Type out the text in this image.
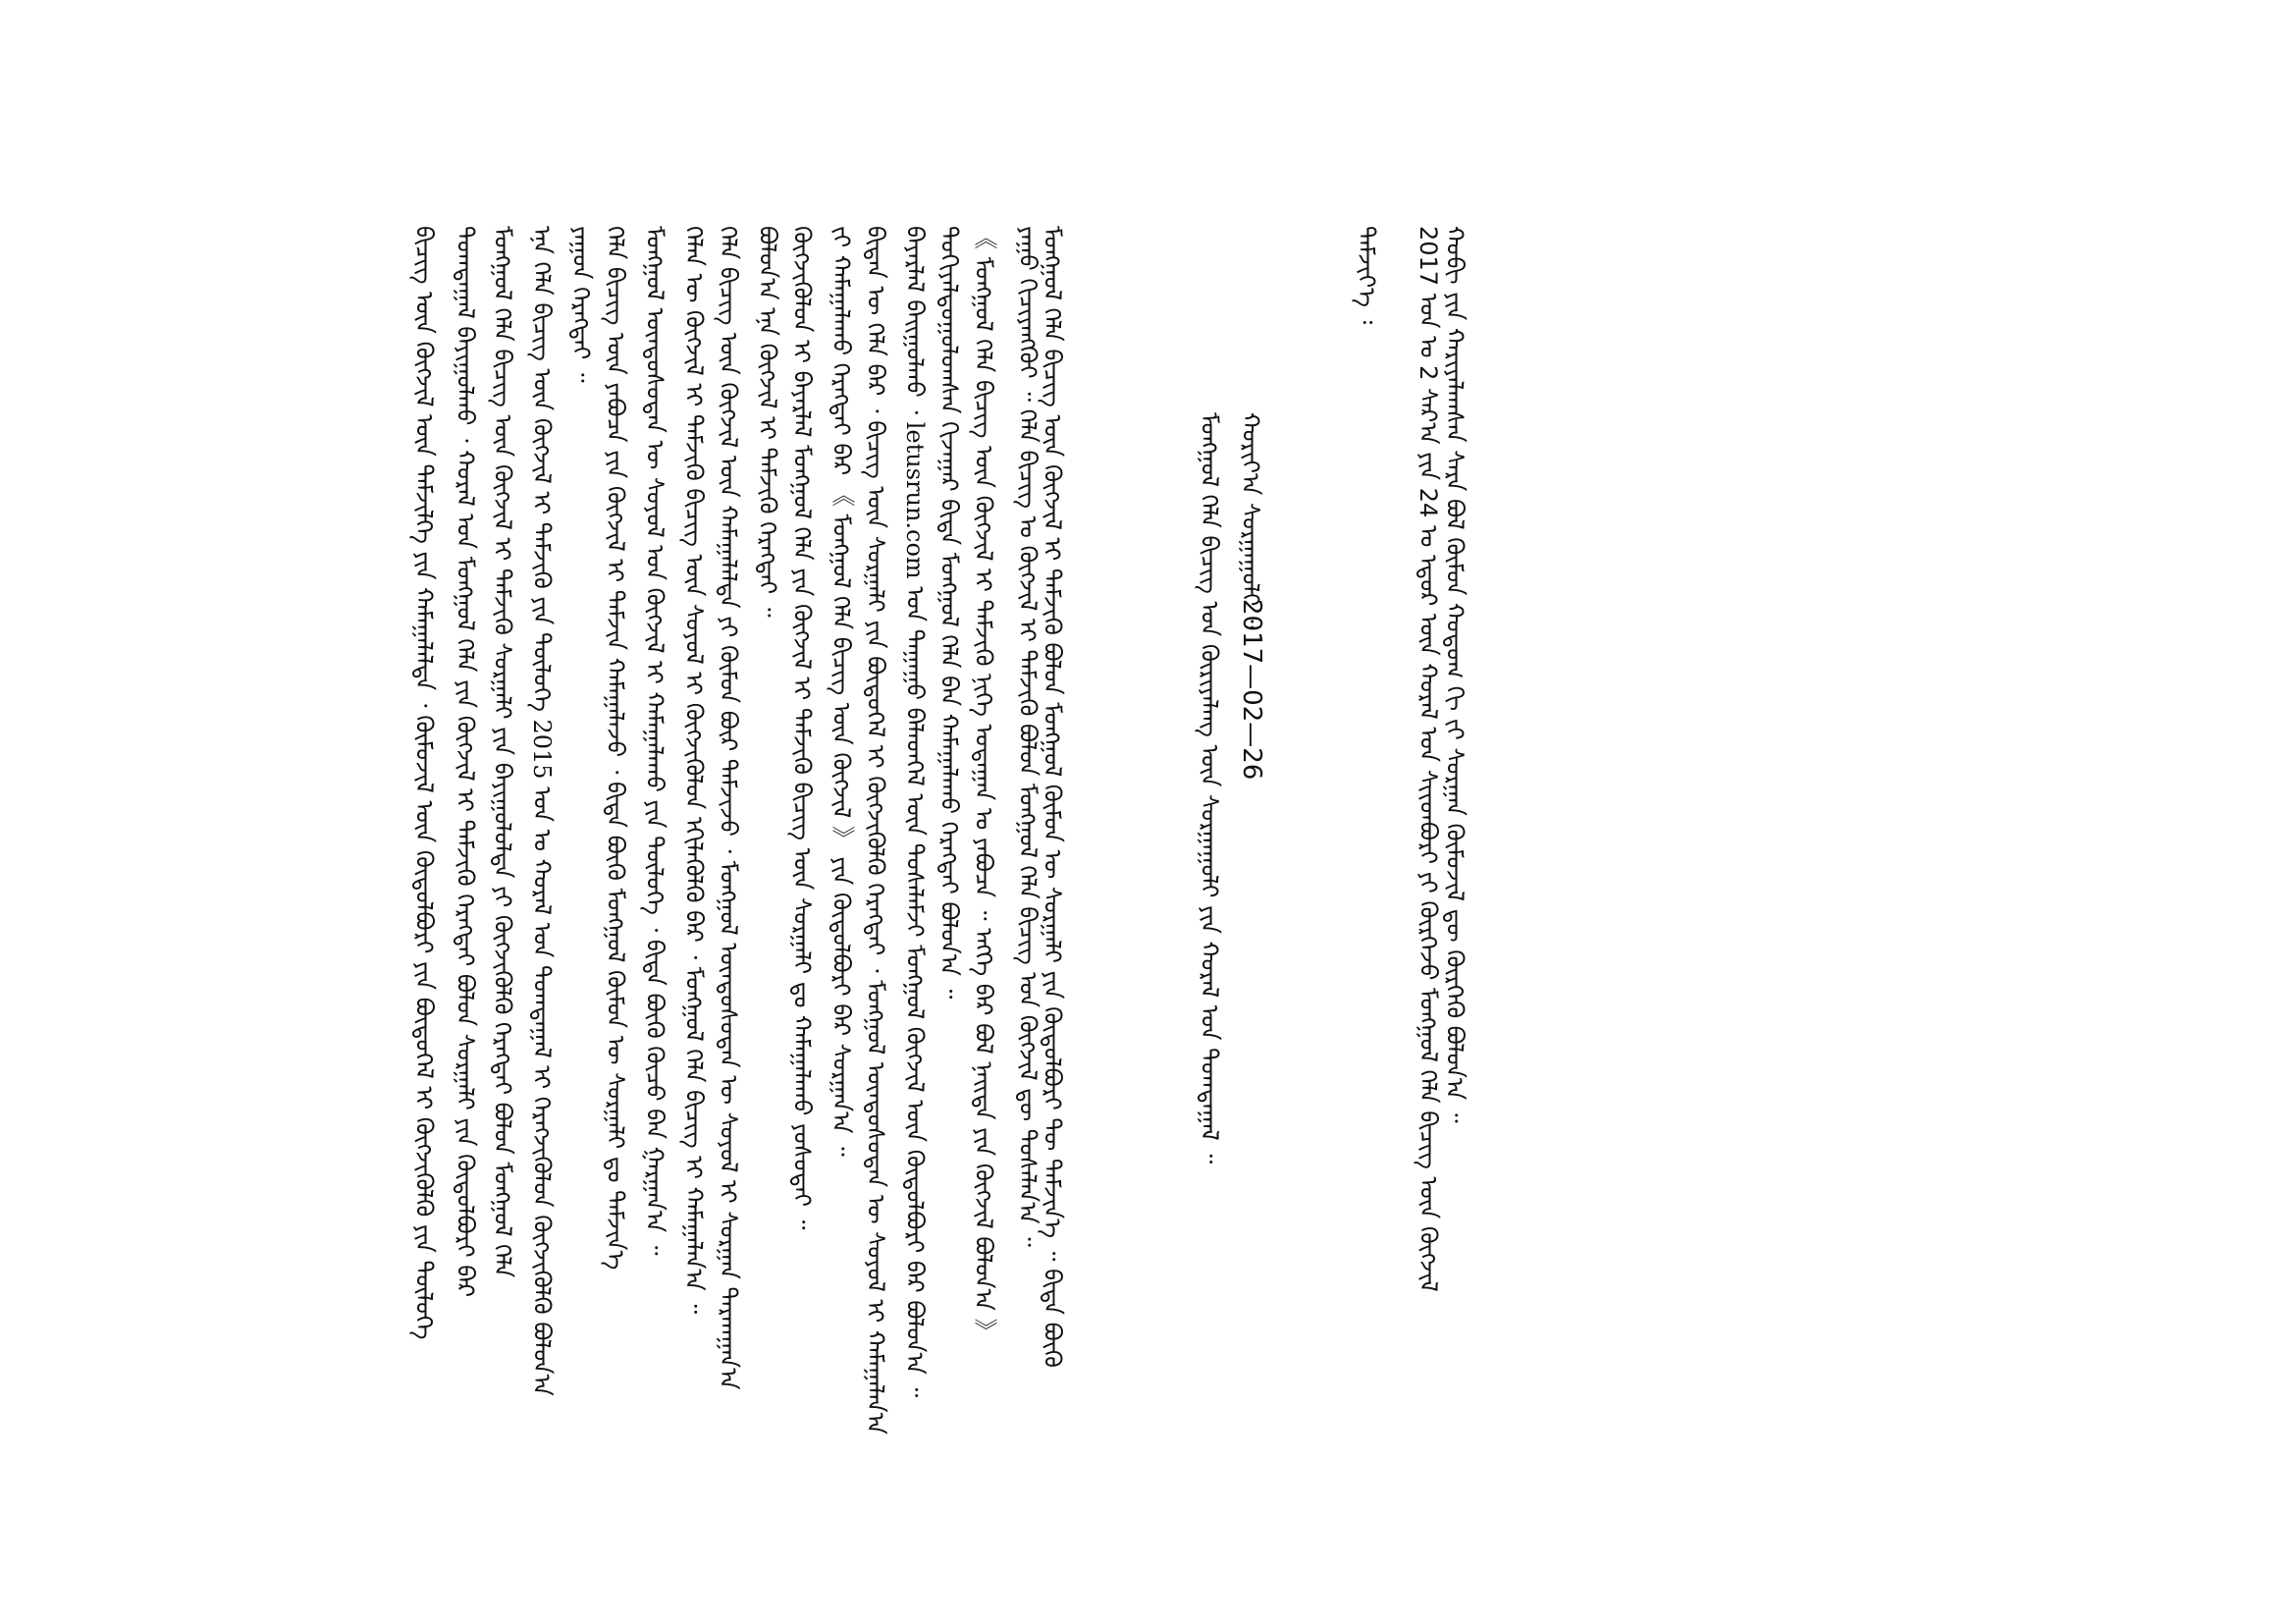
ᠬᠣᠪᠢ ᠶᠢᠨ ᠬᠠᠷᠢᠶᠠᠯᠠᠭᠰᠠᠨ ᠰᠠᠷᠠ ᠪᠣᠯ ᠬᠥᠮᠦᠨ ᠬᠤᠲᠤᠭ ᠬᠢ ᠵᠢ ᠰᠤᠷᠭᠠᠨ ᠬᠦᠮᠦᠵᠢᠯ ᠳᠦ ᠬᠦᠷᠭᠡᠬᠦ ᠪᠣᠯᠣᠨ᠎ᠠ ᠃
2017 ᠣᠨ ᠤ 2 ᠰᠠᠷ᠎ᠠ ᠶᠢᠨ 24 ᠤ ᠡᠳᠦᠷ ᠦᠨ ᠬᠤᠷᠠᠯ ᠤᠨ ᠰᠢᠢᠳᠪᠦᠷᠢ ᠶᠢ ᠬᠦᠷᠭᠡᠵᠦ ᠮᠣᠩᠭᠣᠯ ᠬᠡᠯᠡ ᠪᠢᠴᠢᠭ ᠦᠨ ᠬᠥᠭᠵᠢᠯ
ᠳᠡᠮᠵᠢᠶ᠎ᠡ ᠄
ᠬᠣᠷᠢᠶ᠎ᠠ ᠰᠤᠷᠭᠠᠭᠤᠯᠢ ᠃
2017—02—26
ᠮᠣᠩᠭᠣᠯ ᠬᠡᠯᠡ ᠪᠢᠴᠢᠭ ᠤᠨ ᠬᠦᠷᠢᠶᠡᠯᠡᠩ ᠦᠨ ᠰᠤᠷᠭᠠᠭᠤᠯᠢ ᠶᠢᠨ ᠬᠤᠷᠠᠯ ᠤᠨ ᠲᠣᠭᠲᠠᠭᠠᠯ ᠃
ᠮᠣᠩᠭᠣᠯ ᠬᠡᠯᠡ ᠪᠢᠴᠢᠭ ᠦᠨ ᠬᠥᠭᠵᠢᠯ ᠢ ᠳᠡᠮᠵᠢᠬᠦ ᠪᠣᠯᠤᠨ ᠮᠣᠩᠭᠣᠯ ᠬᠦᠮᠦᠨ ᠦ ᠰᠤᠷᠭᠠᠯᠢ ᠶᠢᠨ ᠬᠥᠲᠦᠯᠪᠦᠷᠢ ᠲᠦ ᠳᠡᠮᠵᠢᠨ᠎ᠡ ᠃ ᠪᠢᠳᠡ ᠪᠦᠬᠦ
ᠶᠠᠭᠤ ᠬᠢᠴᠢᠶᠡᠩᠭᠦᠢ ᠃ ᠬᠡᠯᠡ ᠪᠢᠴᠢᠭ ᠤ ᠬᠥᠭᠵᠢᠯ ᠢ ᠳᠡᠮᠵᠢᠬᠦ ᠪᠣᠯᠣᠨ ᠮᠣᠩᠭᠣᠯ ᠬᠡᠯᠡ ᠪᠢᠴᠢᠭ ᠤᠨ ᠬᠥᠭᠵᠢᠯ ᠳᠦ ᠲᠤᠰᠠᠯᠠᠨ᠎ᠠ ᠃
《 ᠮᠣᠩᠭᠣᠯ ᠬᠡᠯᠡ ᠪᠢᠴᠢᠭ ᠦᠨ ᠬᠥᠭᠵᠢᠯ ᠢ ᠳᠡᠮᠵᠢᠬᠦ ᠨᠢᠭᠡ ᠤᠳᠠᠭᠠᠨ ᠤ ᠶᠠᠪᠤᠴᠠ ᠃ ᠡᠩᠭᠡ ᠪᠡᠷ ᠪᠣᠯ ᠨᠡᠢᠲᠡ ᠶᠢᠨ ᠬᠥᠭᠵᠢᠯ ᠪᠣᠯᠣᠨ᠎ᠠ 》
ᠲᠣᠬᠢᠶᠠᠯᠳᠤᠭᠤᠯᠤᠭᠰᠠᠨ ᠬᠢᠵᠠᠭᠠᠷ ᠪᠢᠳᠡ ᠮᠣᠩᠭᠣᠯ ᠬᠡᠯᠡ ᠪᠡᠨ ᠬᠠᠮᠠᠭᠠᠯᠠᠬᠤ ᠬᠡᠷᠡᠭᠲᠡᠢ ᠪᠣᠯᠤᠨ᠎ᠠ ᠃
ᠪᠠᠶᠠᠷᠯᠠᠯ ᠪᠠᠢᠭᠤᠯᠬᠤ ᠂ letusrun.com ᠤᠨ ᠳᠠᠭᠠᠭᠤ ᠪᠡᠯᠡᠳᠬᠡᠯ ᠦᠨ ᠲᠤᠰᠠᠯᠠᠮᠵᠢ ᠮᠣᠩᠭᠣᠯ ᠬᠥᠭᠵᠢᠯ ᠦᠨ ᠬᠥᠲᠦᠯᠪᠦᠷᠢ ᠪᠡᠷ ᠪᠣᠯᠤᠨ᠎ᠠ ᠃
ᠪᠢᠳᠡᠨ ᠦ ᠬᠡᠯᠡ ᠪᠡᠷ ᠂ ᠪᠢᠴᠢᠭ ᠦᠨ ᠰᠤᠷᠭᠠᠯᠢ ᠶᠢᠨ ᠪᠦᠲᠦᠭᠡᠯ ᠢ ᠬᠥᠭᠵᠢᠭᠦᠯᠬᠦ ᠬᠡᠷᠡᠭᠲᠡᠢ ᠂ ᠮᠣᠩᠭᠣᠯ ᠦᠨᠳᠦᠰᠦᠲᠡᠨ ᠦ ᠰᠣᠶᠣᠯ ᠢ ᠬᠠᠮᠠᠭᠠᠯᠠᠨ᠎ᠠ
ᠵᠢ ᠬᠠᠮᠠᠭᠠᠯᠠᠬᠤ ᠬᠡᠷᠡᠭᠲᠡᠢ ᠪᠡᠷ 《 ᠮᠣᠩᠭᠣᠯ ᠬᠡᠯᠡ ᠪᠢᠴᠢᠭ ᠦᠨ ᠬᠥᠭᠵᠢᠯ 》 ᠶᠢᠨ ᠬᠥᠲᠦᠯᠪᠦᠷᠢ ᠪᠠᠷ ᠰᠤᠷᠭᠠᠨ᠎ᠠ ᠃
ᠬᠥᠭᠵᠢᠭᠦᠯᠦᠨ ᠢ ᠪᠠᠶᠠᠷᠯᠠᠯ ᠮᠣᠩᠭᠣᠯ ᠬᠡᠯᠡ ᠶᠢᠨ ᠬᠥᠭᠵᠢᠯ ᠢ ᠳᠡᠮᠵᠢᠬᠦ ᠪᠢᠴᠢᠭ ᠦᠨ ᠰᠤᠷᠭᠠᠯᠢ ᠳᠤ ᠬᠠᠮᠠᠭᠠᠯᠠᠬᠤ ᠶᠣᠰᠣᠲᠠᠢ ᠃
ᠪᠣᠯᠣᠨ᠎ᠠ ᠡᠨᠡ ᠬᠥᠭᠵᠢᠯ ᠢ ᠳᠡᠮᠵᠢᠬᠦ ᠬᠡᠷᠡᠭᠲᠡᠢ ᠃
ᠬᠡᠯᠡ ᠪᠢᠴᠢᠭ ᠦᠨ ᠬᠥᠭᠵᠢᠯ ᠦᠨ ᠬᠠᠮᠠᠭᠠᠯᠠᠯᠲᠠ ᠶᠢ ᠬᠦᠮᠦᠨ ᠪᠦᠷ ᠳᠡᠮᠵᠢᠵᠦ ᠂ ᠮᠣᠩᠭᠣᠯ ᠦᠨᠳᠦᠰᠦᠲᠡᠨ ᠦ ᠰᠣᠶᠣᠯ ᠢ ᠰᠤᠷᠭᠠᠨ ᠲᠠᠷᠬᠠᠭᠠᠨ᠎ᠠ
ᠬᠡᠯᠡᠨ ᠦ ᠬᠥᠭᠵᠢᠯ ᠢ ᠳᠡᠮᠵᠢᠬᠦ ᠪᠢᠴᠢᠭ ᠦᠨ ᠰᠣᠶᠣᠯ ᠢ ᠬᠥᠭᠵᠢᠭᠦᠯᠦᠨ ᠡᠬᠢᠯᠡᠭᠦᠯᠬᠦ ᠪᠠᠷ ᠂ ᠮᠣᠩᠭᠣᠯ ᠬᠡᠯᠡ ᠪᠢᠴᠢᠭ ᠢ ᠬᠠᠮᠠᠭᠠᠯᠠᠨ᠎ᠠ ᠃
ᠮᠣᠩᠭᠣᠯ ᠦᠨᠳᠦᠰᠦᠲᠡᠨ ᠦ ᠰᠣᠶᠣᠯ ᠤᠨ ᠬᠥᠭᠵᠢᠯ ᠢ ᠬᠠᠮᠠᠭᠠᠯᠠᠬᠤ ᠶᠢᠨ ᠲᠥᠯᠦᠭᠡ ᠂ ᠪᠢᠳᠡ ᠪᠦᠬᠦ ᠬᠦᠴᠦ ᠪᠡᠨ ᠭᠠᠷᠭᠠᠨ᠎ᠠ ᠃
ᠬᠡᠯᠡ ᠪᠢᠴᠢᠭ ᠦᠨ ᠶᠠᠪᠤᠴᠠ ᠶᠢᠨ ᠬᠥᠭᠵᠢᠯ ᠢ ᠳᠡᠮᠵᠢᠨ ᠬᠠᠮᠠᠭᠠᠯᠠᠵᠤ ᠂ ᠪᠢᠳᠡ ᠪᠦᠬᠦ ᠮᠣᠩᠭᠣᠯ ᠬᠦᠮᠦᠨ ᠦ ᠰᠤᠷᠭᠠᠯᠢ ᠳᠤ ᠳᠡᠮᠵᠢᠨ᠎ᠡ
ᠶᠠᠭᠤᠨ ᠬᠡᠷᠡᠭᠲᠡᠢ ᠃
ᠡᠨᠡ ᠬᠡᠯᠡ ᠪᠢᠴᠢᠭ ᠦᠨ ᠬᠥᠭᠵᠢᠯ ᠢ ᠳᠡᠮᠵᠢᠬᠦ ᠶᠢᠨ ᠲᠥᠯᠦᠭᠡ 2015 ᠣᠨ ᠤ ᠬᠤᠷᠠᠯ ᠤᠨ ᠲᠣᠭᠲᠠᠭᠠᠯ ᠢ ᠬᠡᠷᠡᠭᠵᠢᠭᠦᠯᠦᠨ ᠬᠥᠭᠵᠢᠭᠦᠯᠬᠦ ᠪᠣᠯᠣᠨ᠎ᠠ
ᠮᠣᠩᠭᠣᠯ ᠬᠡᠯᠡ ᠪᠢᠴᠢᠭ ᠦᠨ ᠬᠥᠭᠵᠢᠯ ᠢ ᠳᠡᠮᠵᠢᠬᠦ ᠰᠤᠷᠭᠠᠯᠢ ᠶᠢᠨ ᠪᠠᠶᠢᠭᠤᠯᠤᠯᠲᠠ ᠶᠢ ᠬᠥᠭᠵᠢᠭᠦᠯᠬᠦ ᠬᠡᠷᠡᠭᠲᠡᠢ ᠪᠣᠯᠤᠨ ᠮᠣᠩᠭᠣᠯ ᠬᠡᠯᠡ
ᠲᠣᠭᠲᠠᠭᠠᠯ ᠪᠠᠶᠢᠭᠤᠯᠬᠤ ᠂ ᠬᠤᠷᠠᠯ ᠤᠨ ᠮᠣᠩᠭᠣᠯ ᠬᠡᠯᠡ ᠶᠢᠨ ᠬᠥᠭᠵᠢᠯ ᠢ ᠳᠡᠮᠵᠢᠬᠦ ᠬᠡᠷᠡᠭᠲᠡᠢ ᠪᠣᠯᠣᠨ ᠰᠤᠷᠭᠠᠯᠢ ᠶᠢᠨ ᠬᠥᠲᠦᠯᠪᠦᠷᠢ ᠪᠡᠷ
ᠪᠢᠴᠢᠭ ᠦᠨ ᠬᠥᠭᠵᠢᠯ ᠦᠨ ᠳᠡᠮᠵᠢᠯᠭᠡ ᠶᠢᠨ ᠬᠠᠮᠠᠭᠠᠯᠠᠯᠲᠠ ᠂ ᠬᠦᠮᠦᠵᠢᠯ ᠦᠨ ᠬᠥᠲᠦᠯᠪᠦᠷᠢ ᠶᠢᠨ ᠪᠦᠲᠦᠭᠡᠯ ᠢ ᠬᠥᠭᠵᠢᠭᠦᠯᠬᠦ ᠶᠢᠨ ᠲᠥᠯᠦᠭᠡ
